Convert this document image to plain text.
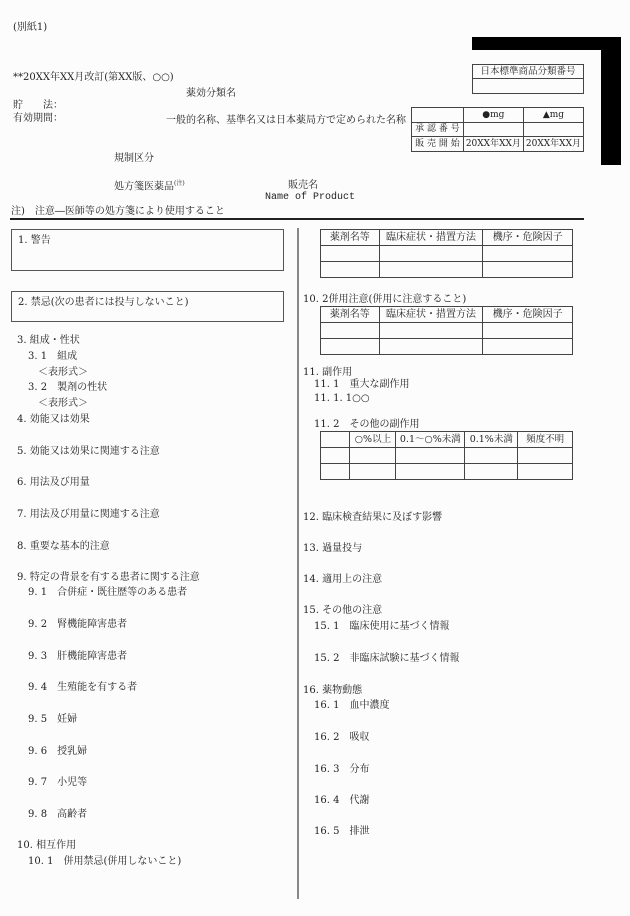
(別紙1)
**20XX年XX月改訂(第XX版、○○)
薬効分類名
貯　　法：
有効期間：	一般的名称、基準名又は日本薬局方で定められた名称
規制区分
処方箋医薬品$^{(注)}$	販売名
Name of Product
注)　注意―医師等の処方箋により使用すること
日本標準商品分類番号

	●mg	▲mg
承 認 番 号		
販 売 開 始	20XX年XX月	20XX年XX月
1. 警告
2. 禁忌(次の患者には投与しないこと)
3. 組成・性状
3. 1　組成
＜表形式＞
3. 2　製剤の性状
＜表形式＞
4. 効能又は効果
5. 効能又は効果に関連する注意
6. 用法及び用量
7. 用法及び用量に関連する注意
8. 重要な基本的注意
9. 特定の背景を有する患者に関する注意
9. 1　合併症・既往歴等のある患者
9. 2　腎機能障害患者
9. 3　肝機能障害患者
9. 4　生殖能を有する者
9. 5　妊婦
9. 6　授乳婦
9. 7　小児等
9. 8　高齢者
10. 相互作用
10. 1　併用禁忌(併用しないこと)
薬剤名等	臨床症状・措置方法	機序・危険因子

10. 2併用注意(併用に注意すること)
薬剤名等	臨床症状・措置方法	機序・危険因子

11. 副作用
11. 1　重大な副作用
11. 1. 1○○
11. 2　その他の副作用
	○%以上	0.1～○%未満	0.1%未満	頻度不明

12. 臨床検査結果に及ぼす影響
13. 過量投与
14. 適用上の注意
15. その他の注意
15. 1　臨床使用に基づく情報
15. 2　非臨床試験に基づく情報
16. 薬物動態
16. 1　血中濃度
16. 2　吸収
16. 3　分布
16. 4　代謝
16. 5　排泄
